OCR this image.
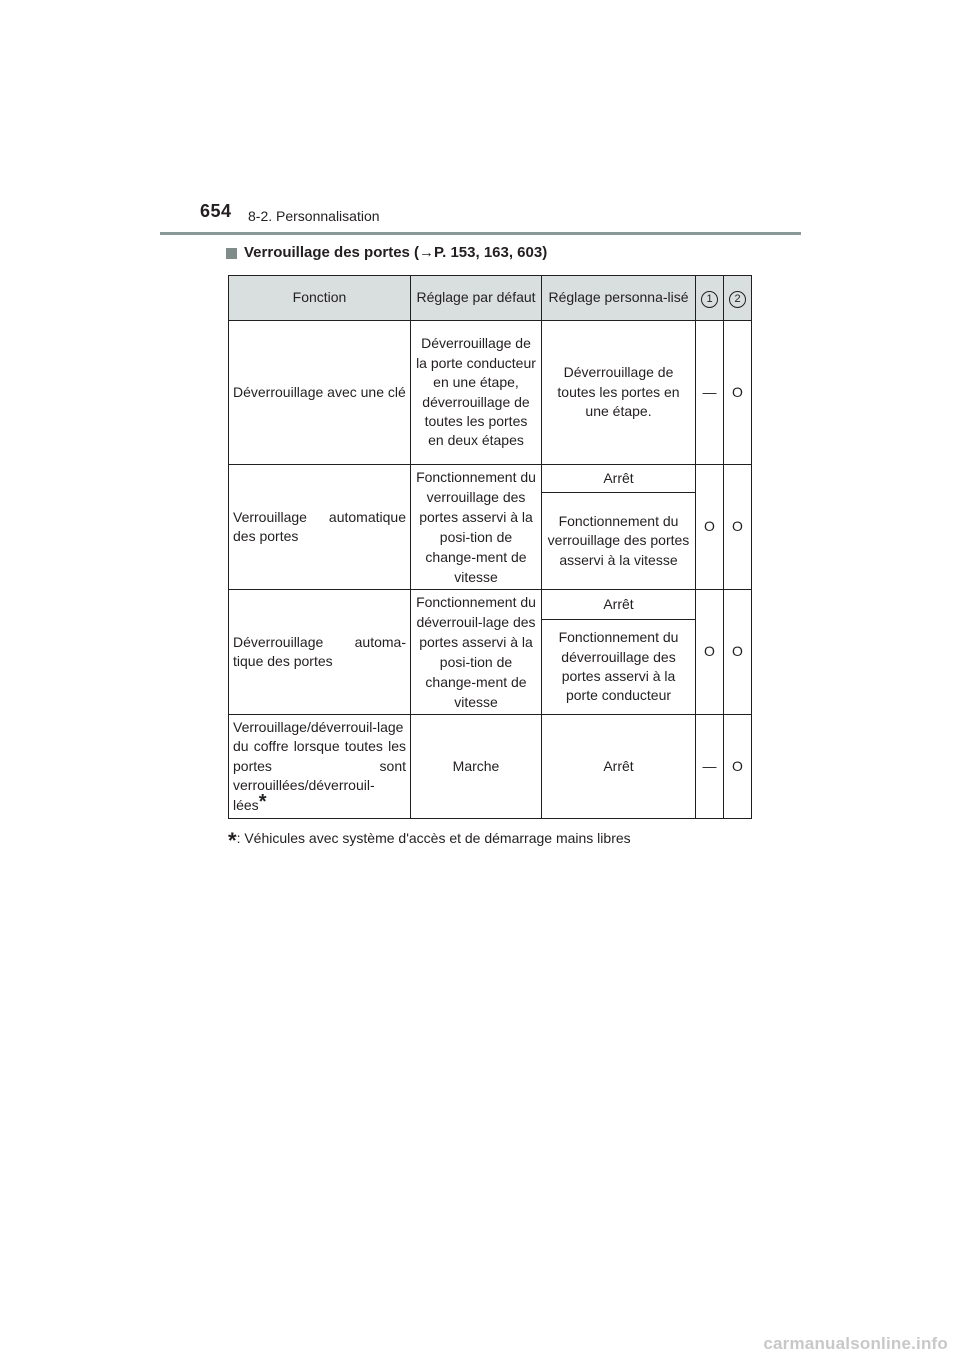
654 8-2. Personnalisation
Verrouillage des portes (→P. 153, 163, 603)
Fonction	Réglage par défaut	Réglage personna-lisé	1	2
Déverrouillage avec une clé	Déverrouillage de la porte conducteur en une étape, déverrouillage de toutes les portes en deux étapes	Déverrouillage de toutes les portes en une étape.	—	O
Verrouillage automatique des portes	Fonctionnement du verrouillage des portes asservi à la posi-tion de change-ment de vitesse	Arrêt	O	O
		Fonctionnement du verrouillage des portes asservi à la vitesse		
Déverrouillage automa-tique des portes	Fonctionnement du déverrouil-lage des portes asservi à la posi-tion de change-ment de vitesse	Arrêt	O	O
		Fonctionnement du déverrouillage des portes asservi à la porte conducteur		
Verrouillage/déverrouil-lage du coffre lorsque toutes les portes sont verrouillées/déverrouil-lées*	Marche	Arrêt	—	O
*: Véhicules avec système d'accès et de démarrage mains libres
carmanualsonline.info
